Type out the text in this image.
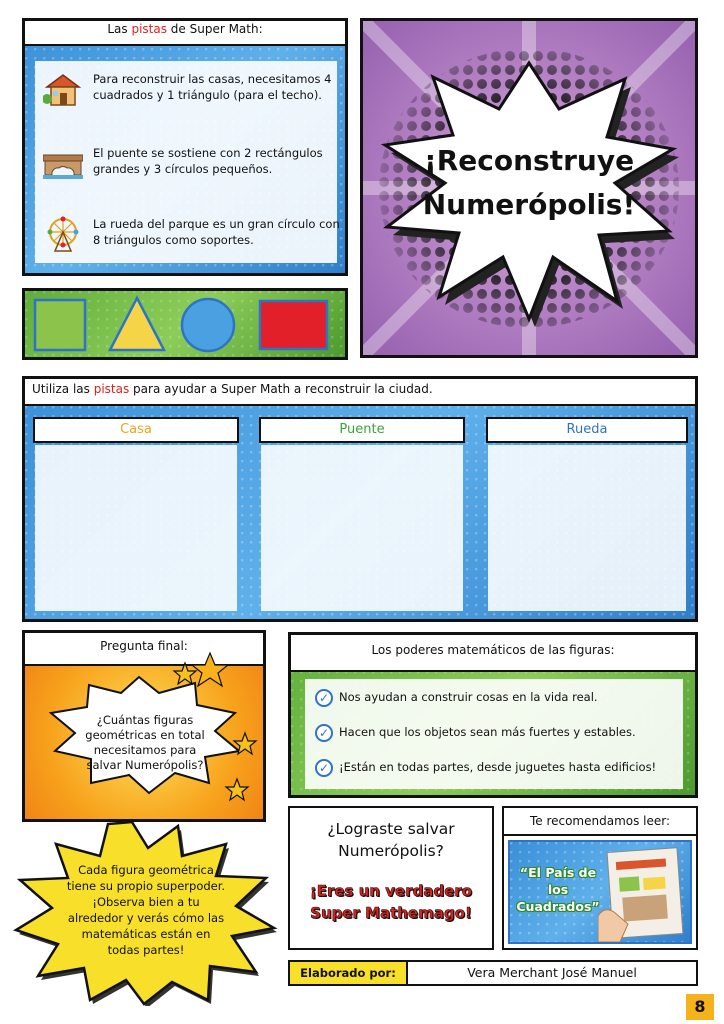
Las pistas de Super Math:
Para reconstruir las casas, necesitamos 4 cuadrados y 1 triángulo (para el techo).
El puente se sostiene con 2 rectángulos grandes y 3 círculos pequeños.
La rueda del parque es un gran círculo con 8 triángulos como soportes.
¡Reconstruye
Numerópolis!
Utiliza las pistas para ayudar a Super Math a reconstruir la ciudad.
Casa	Puente	Rueda
Pregunta final:
¿Cuántas figuras geométricas en total necesitamos para salvar Numerópolis?
Cada figura geométrica tiene su propio superpoder. ¡Observa bien a tu alrededor y verás cómo las matemáticas están en todas partes!
Los poderes matemáticos de las figuras:
✓ Nos ayudan a construir cosas en la vida real.
✓ Hacen que los objetos sean más fuertes y estables.
✓ ¡Están en todas partes, desde juguetes hasta edificios!
¿Lograste salvar
Numerópolis?
¡Eres un verdadero
Super Mathemago!
Te recomendamos leer:
“El País de
los
Cuadrados”
Elaborado por:	Vera Merchant José Manuel
8
